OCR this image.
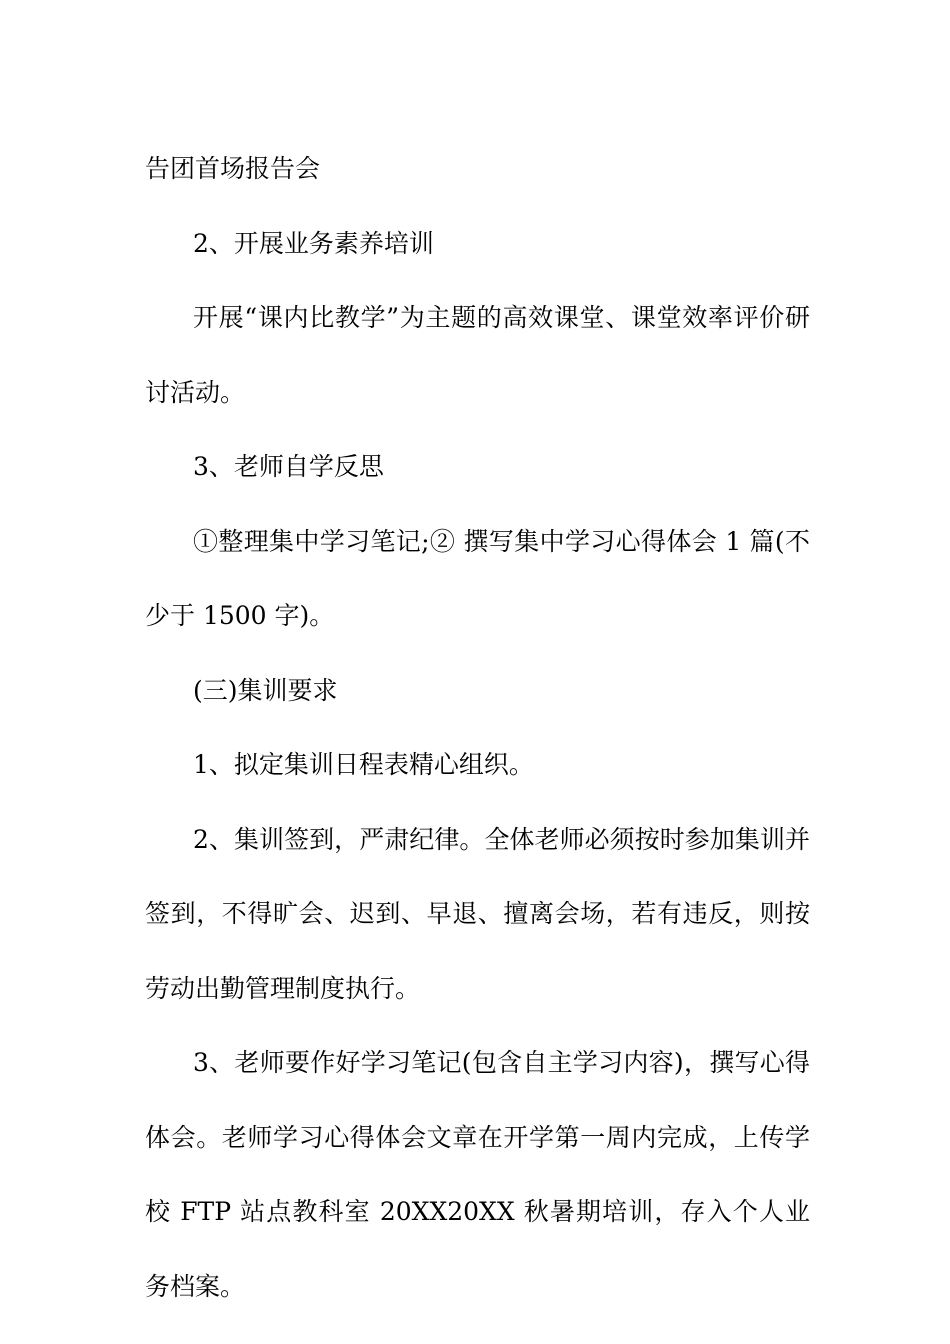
告团首场报告会

2、开展业务素养培训

开展“课内比教学”为主题的高效课堂、课堂效率评价研讨活动。

3、老师自学反思

①整理集中学习笔记;② 撰写集中学习心得体会 1 篇(不少于 1500 字)。

(三)集训要求

1、拟定集训日程表精心组织。

2、集训签到，严肃纪律。全体老师必须按时参加集训并签到，不得旷会、迟到、早退、擅离会场，若有违反，则按劳动出勤管理制度执行。

3、老师要作好学习笔记(包含自主学习内容)，撰写心得体会。老师学习心得体会文章在开学第一周内完成，上传学校 FTP 站点教科室 20XX20XX 秋暑期培训，存入个人业务档案。
